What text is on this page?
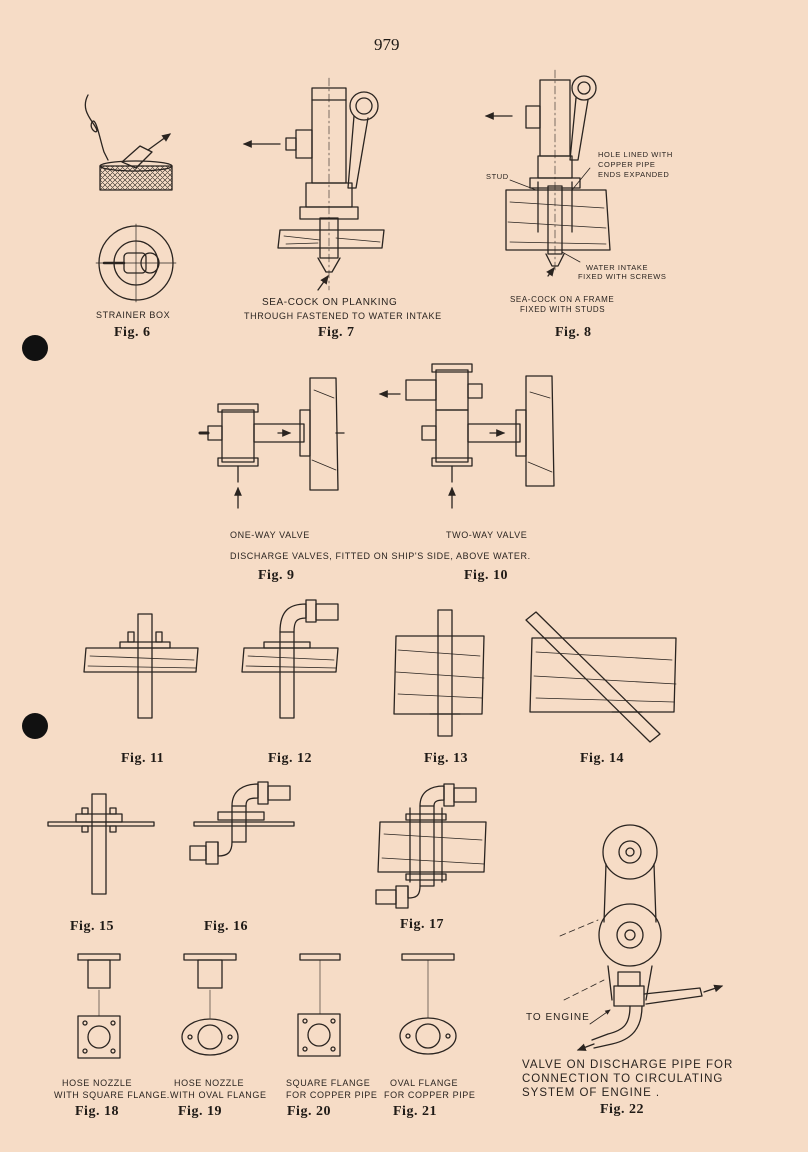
979
STRAINER BOX
Fig. 6
SEA-COCK ON PLANKING
THROUGH FASTENED TO WATER INTAKE
Fig. 7
HOLE LINED WITH
COPPER PIPE
ENDS EXPANDED
STUD
WATER INTAKE
FIXED WITH SCREWS
SEA-COCK ON A FRAME
FIXED WITH STUDS
Fig. 8
ONE-WAY VALVE	TWO-WAY VALVE
DISCHARGE VALVES, FITTED ON SHIP'S SIDE, ABOVE WATER.
Fig. 9	Fig. 10
Fig. 11	Fig. 12	Fig. 13	Fig. 14
Fig. 15	Fig. 16	Fig. 17
HOSE NOZZLE
WITH SQUARE FLANGE.
Fig. 18
HOSE NOZZLE
WITH OVAL FLANGE
Fig. 19
SQUARE FLANGE
FOR COPPER PIPE
Fig. 20
OVAL FLANGE
FOR COPPER PIPE
Fig. 21
TO ENGINE
VALVE ON DISCHARGE PIPE FOR
CONNECTION TO CIRCULATING
SYSTEM OF ENGINE .
Fig. 22
